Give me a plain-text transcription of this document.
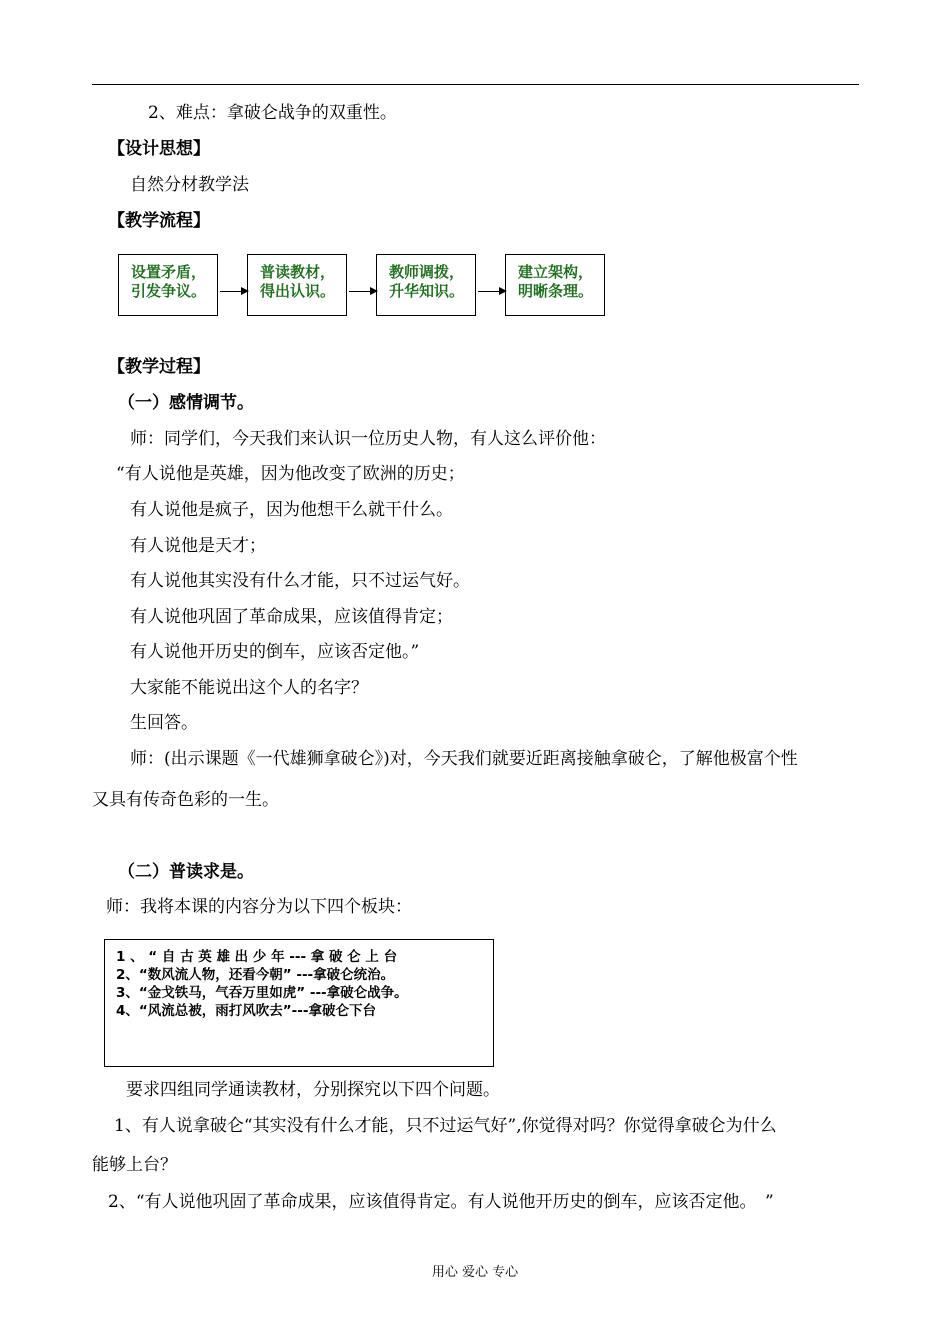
2、难点：拿破仑战争的双重性。
【设计思想】
自然分材教学法
【教学流程】
设置矛盾，
引发争议。
普读教材，
得出认识。
教师调拨，
升华知识。
建立架构，
明晰条理。
【教学过程】
（一）感情调节。
师：同学们，今天我们来认识一位历史人物，有人这么评价他：
“有人说他是英雄，因为他改变了欧洲的历史；
有人说他是疯子，因为他想干么就干什么。
有人说他是天才；
有人说他其实没有什么才能，只不过运气好。
有人说他巩固了革命成果，应该值得肯定；
有人说他开历史的倒车，应该否定他。”
大家能不能说出这个人的名字？
生回答。
师：(出示课题《一代雄狮拿破仑》)对，今天我们就要近距离接触拿破仑，了解他极富个性
又具有传奇色彩的一生。
（二）普读求是。
师：我将本课的内容分为以下四个板块：
1 、 “ 自 古 英 雄 出 少 年 --- 拿 破 仑 上 台
2、“数风流人物，还看今朝” ---拿破仑统治。
3、“金戈铁马，气吞万里如虎” ---拿破仑战争。
4、“风流总被，雨打风吹去”---拿破仑下台
要求四组同学通读教材，分别探究以下四个问题。
1、有人说拿破仑“其实没有什么才能，只不过运气好”,你觉得对吗？你觉得拿破仑为什么
能够上台？
2、“有人说他巩固了革命成果，应该值得肯定。有人说他开历史的倒车，应该否定他。　”
用心 爱心 专心
